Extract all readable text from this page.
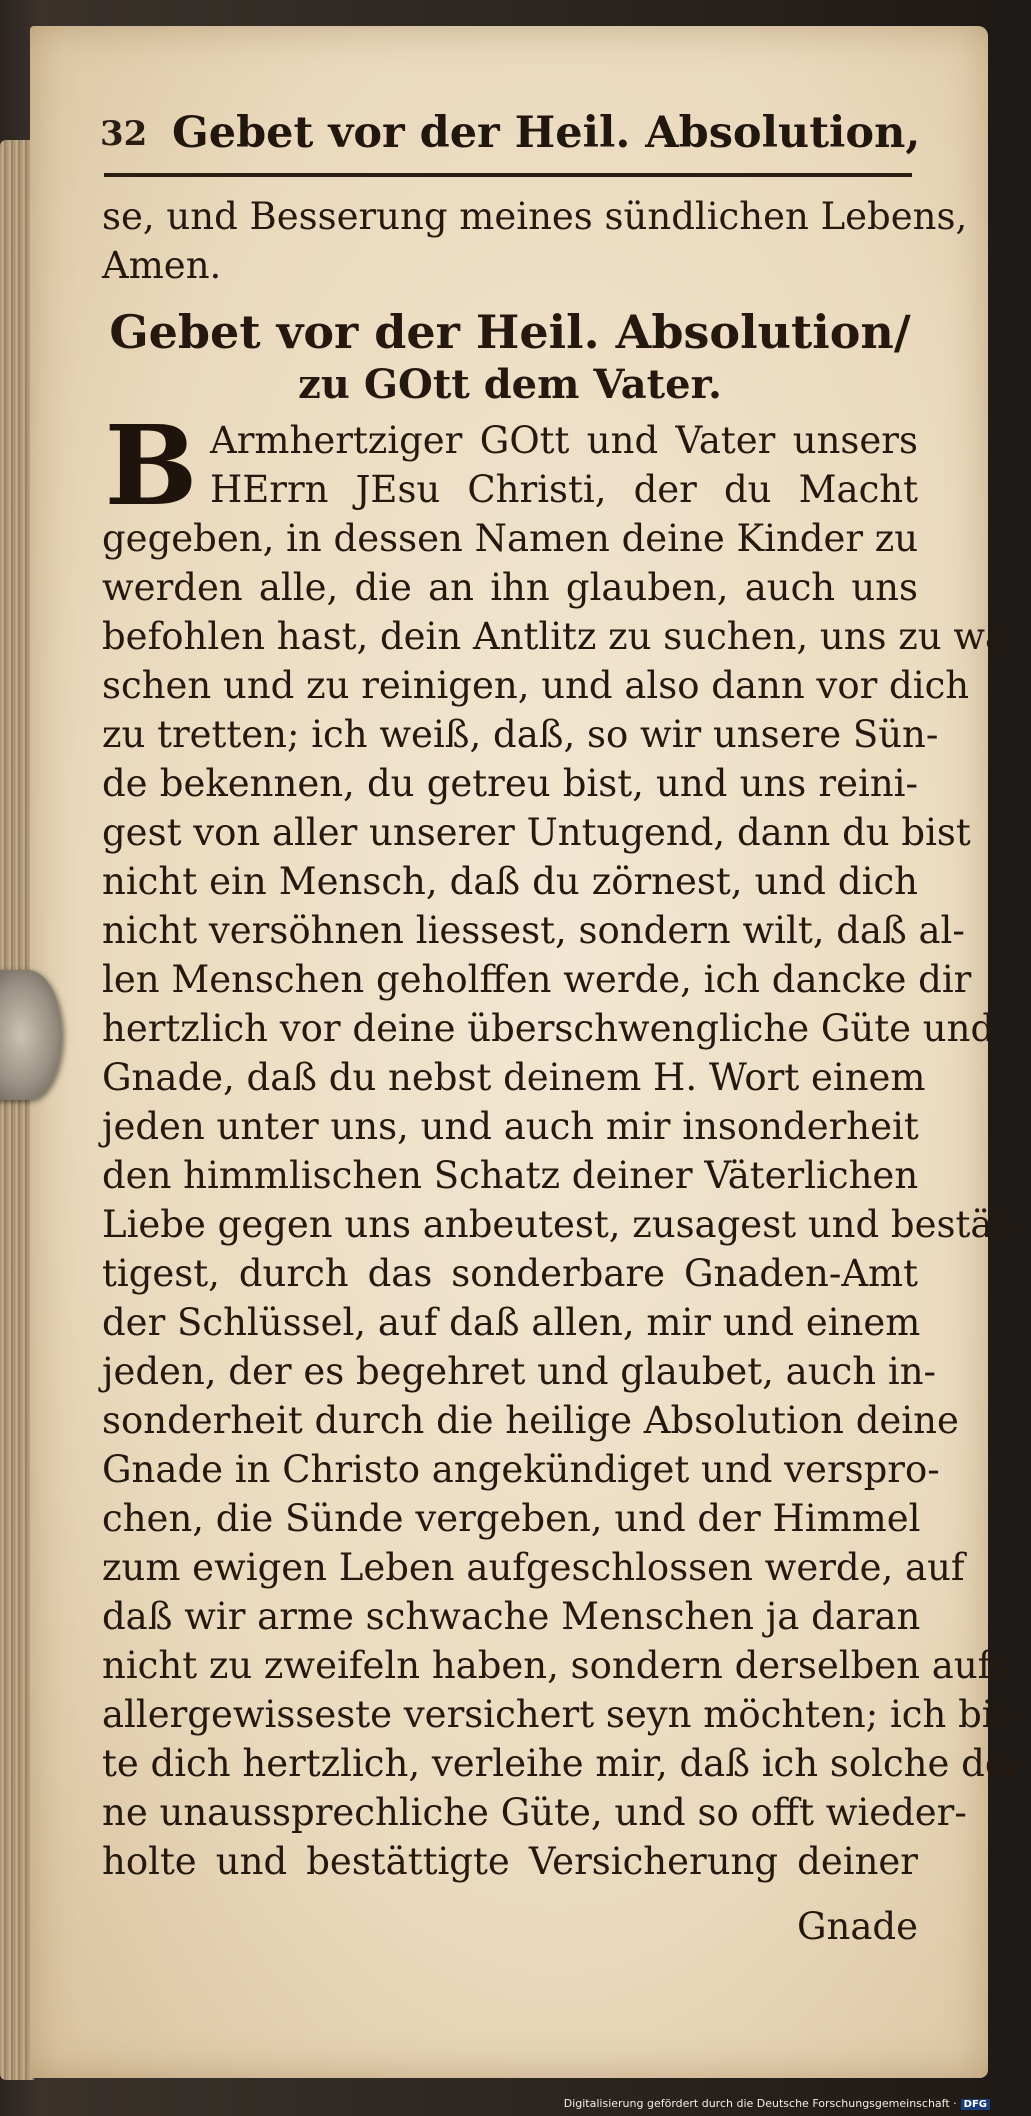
32 Gebet vor der Heil. Absolution,
se, und Besserung meines sündlichen Lebens,
Amen.
Gebet vor der Heil. Absolution/
zu GOtt dem Vater.
B Armhertziger GOtt und Vater unsers
HErrn JEsu Christi, der du Macht
gegeben, in dessen Namen deine Kinder zu
werden alle, die an ihn glauben, auch uns
befohlen hast, dein Antlitz zu suchen, uns zu wa-
schen und zu reinigen, und also dann vor dich
zu tretten; ich weiß, daß, so wir unsere Sün-
de bekennen, du getreu bist, und uns reini-
gest von aller unserer Untugend, dann du bist
nicht ein Mensch, daß du zörnest, und dich
nicht versöhnen liessest, sondern wilt, daß al-
len Menschen geholffen werde, ich dancke dir
hertzlich vor deine überschwengliche Güte und
Gnade, daß du nebst deinem H. Wort einem
jeden unter uns, und auch mir insonderheit
den himmlischen Schatz deiner Väterlichen
Liebe gegen uns anbeutest, zusagest und bestät-
tigest, durch das sonderbare Gnaden-Amt
der Schlüssel, auf daß allen, mir und einem
jeden, der es begehret und glaubet, auch in-
sonderheit durch die heilige Absolution deine
Gnade in Christo angekündiget und verspro-
chen, die Sünde vergeben, und der Himmel
zum ewigen Leben aufgeschlossen werde, auf
daß wir arme schwache Menschen ja daran
nicht zu zweifeln haben, sondern derselben aufs
allergewisseste versichert seyn möchten; ich bit-
te dich hertzlich, verleihe mir, daß ich solche dei-
ne unaussprechliche Güte, und so offt wieder-
holte und bestättigte Versicherung deiner
Gnade
Digitalisierung gefördert durch die Deutsche Forschungsgemeinschaft · DFG
